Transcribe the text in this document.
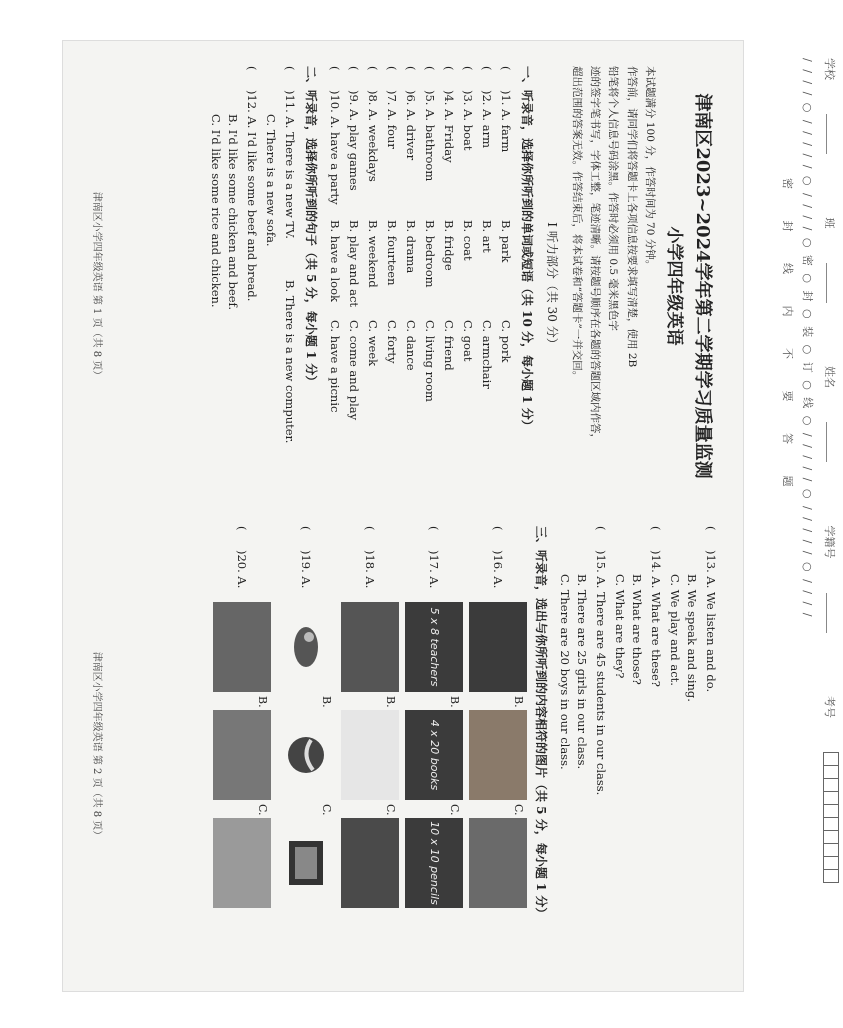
学校 班 姓名 学籍号 考号
/ / / / ○ / / / / / ○ / / / / ○ 密 ○ 封 ○ 装 ○ 订 ○ 线 ○ / / / / / ○ / / / / / ○ / / / /
密 封 线 内 不 要 答 题
津南区2023~2024学年第二学期学习质量监测
小学四年级英语

本试题满分 100 分，作答时间为 70 分钟。

作答前，请同学们将答题卡上各项信息按要求填写清楚，使用 2B

铅笔将个人信息号码涂黑。作答时必须用 0.5 毫米黑色字

迹的签字笔书写，字体工整，笔迹清晰。请按题号顺序在各题的答题区域内作答，

超出范围的答案无效。作答结束后，将本试卷和“答题卡”一并交回。

Ⅰ 听力部分（共 30 分）
一、听录音，选择你所听到的单词或短语（共 10 分，每小题 1 分）
(
)1. A. farm
B. park
C. pork
(
)2. A. arm
B. art
C. armchair
(
)3. A. boat
B. coat
C. goat
(
)4. A. Friday
B. fridge
C. friend
(
)5. A. bathroom
B. bedroom
C. living room
(
)6. A. driver
B. drama
C. dance
(
)7. A. four
B. fourteen
C. forty
(
)8. A. weekdays
B. weekend
C. week
(
)9. A. play games
B. play and act
C. come and play
(
)10. A. have a party
B. have a look
C. have a picnic
二、听录音，选择你所听到的句子（共 5 分，每小题 1 分）
(
)11. A. There is a new TV.
B. There is a new computer.
C. There is a new sofa.
(
)12. A. I'd like some beef and bread.
B. I'd like some chicken and beef.
C. I'd like some rice and chicken.
津南区小学四年级英语 第 1 页（共 8 页）
(
)13. A. We listen and do.
B. We speak and sing.
C. We play and act.
(
)14. A. What are these?
B. What are those?
C. What are they?
(
)15. A. There are 45 students in our class.
B. There are 25 girls in our class.
C. There are 20 boys in our class.
三、听录音，选出与你所听到的内容相符的图片（共 5 分，每小题 1 分）
(
)16. A.
B.
C.
(
)17. A.
5 x 8 teachers
B.
4 x 20 books
C.
10 x 10 pencils
(
)18. A.
B.
C.
(
)19. A.
B.
C.
(
)20. A.
B.
C.
津南区小学四年级英语 第 2 页（共 8 页）
